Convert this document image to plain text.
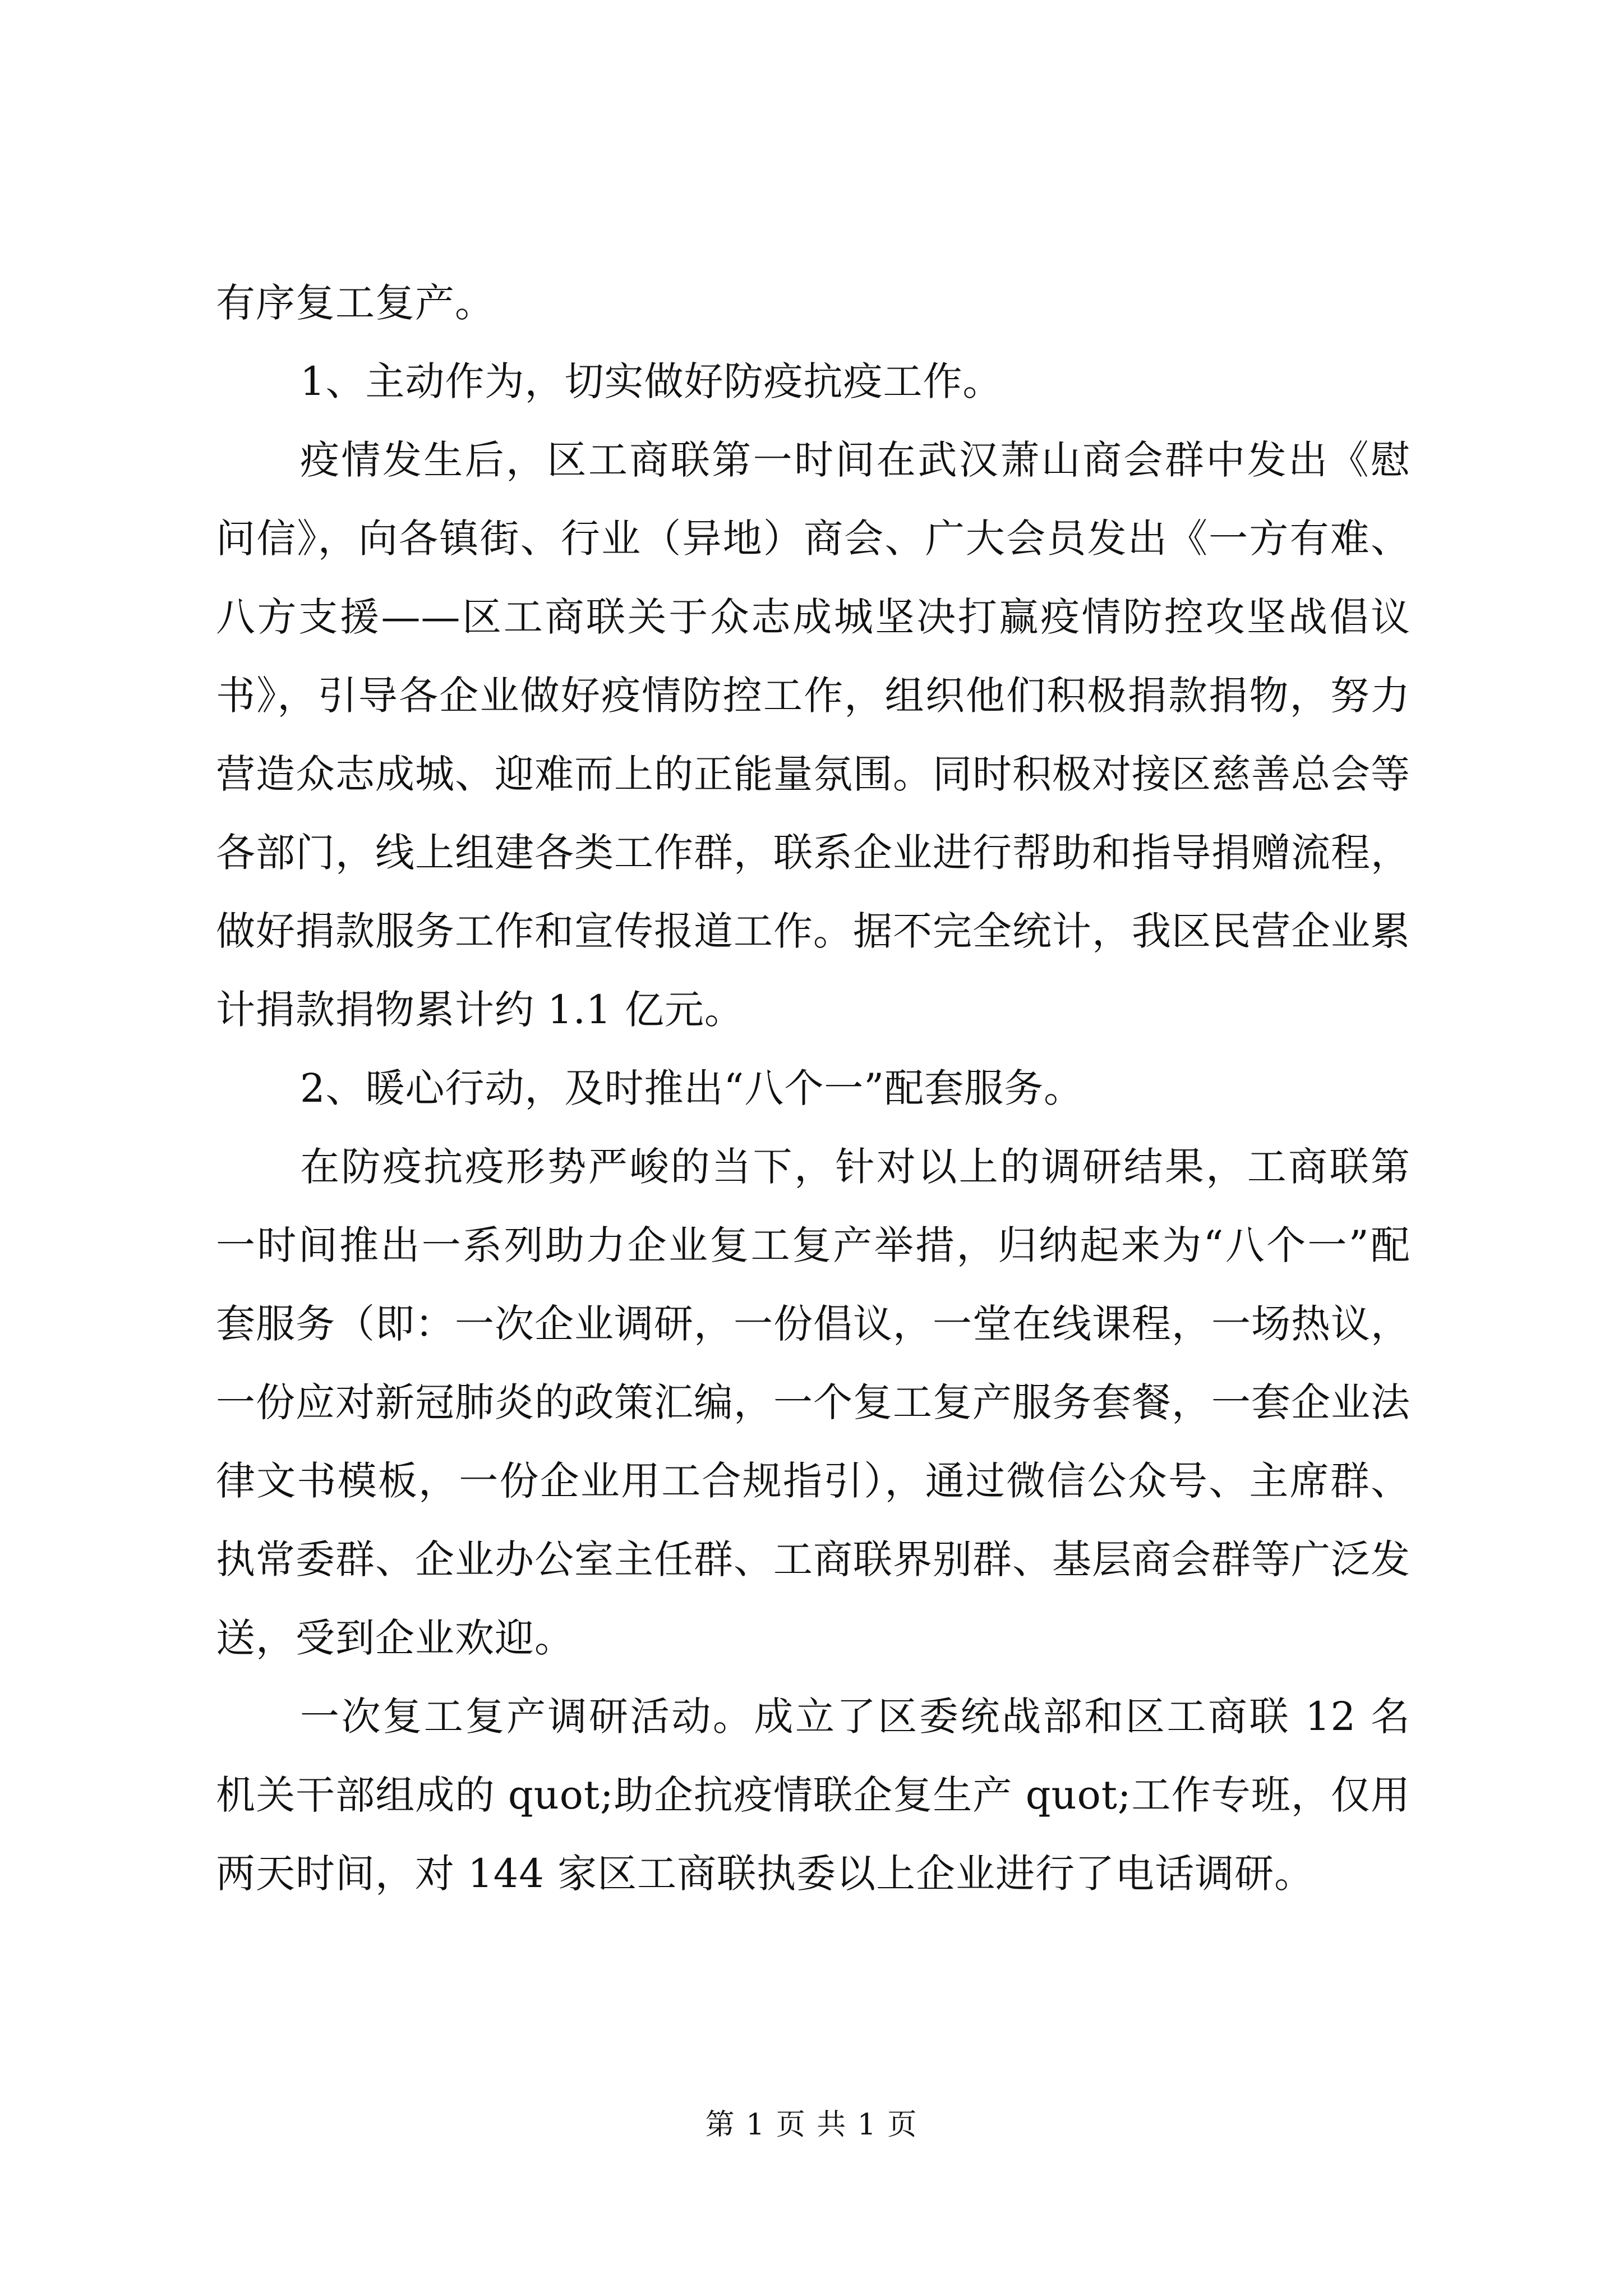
有序复工复产。

1、主动作为，切实做好防疫抗疫工作。

疫情发生后，区工商联第一时间在武汉萧山商会群中发出《慰问信》，向各镇街、行业（异地）商会、广大会员发出《一方有难、八方支援——区工商联关于众志成城坚决打赢疫情防控攻坚战倡议书》，引导各企业做好疫情防控工作，组织他们积极捐款捐物，努力营造众志成城、迎难而上的正能量氛围。同时积极对接区慈善总会等各部门，线上组建各类工作群，联系企业进行帮助和指导捐赠流程，做好捐款服务工作和宣传报道工作。据不完全统计，我区民营企业累计捐款捐物累计约 1.1 亿元。

2、暖心行动，及时推出“八个一”配套服务。

在防疫抗疫形势严峻的当下，针对以上的调研结果，工商联第一时间推出一系列助力企业复工复产举措，归纳起来为“八个一”配套服务（即：一次企业调研，一份倡议，一堂在线课程，一场热议，一份应对新冠肺炎的政策汇编，一个复工复产服务套餐，一套企业法律文书模板，一份企业用工合规指引），通过微信公众号、主席群、执常委群、企业办公室主任群、工商联界别群、基层商会群等广泛发送，受到企业欢迎。

一次复工复产调研活动。成立了区委统战部和区工商联 12 名机关干部组成的 quot;助企抗疫情联企复生产 quot;工作专班，仅用两天时间，对 144 家区工商联执委以上企业进行了电话调研。

第 1 页 共 1 页
